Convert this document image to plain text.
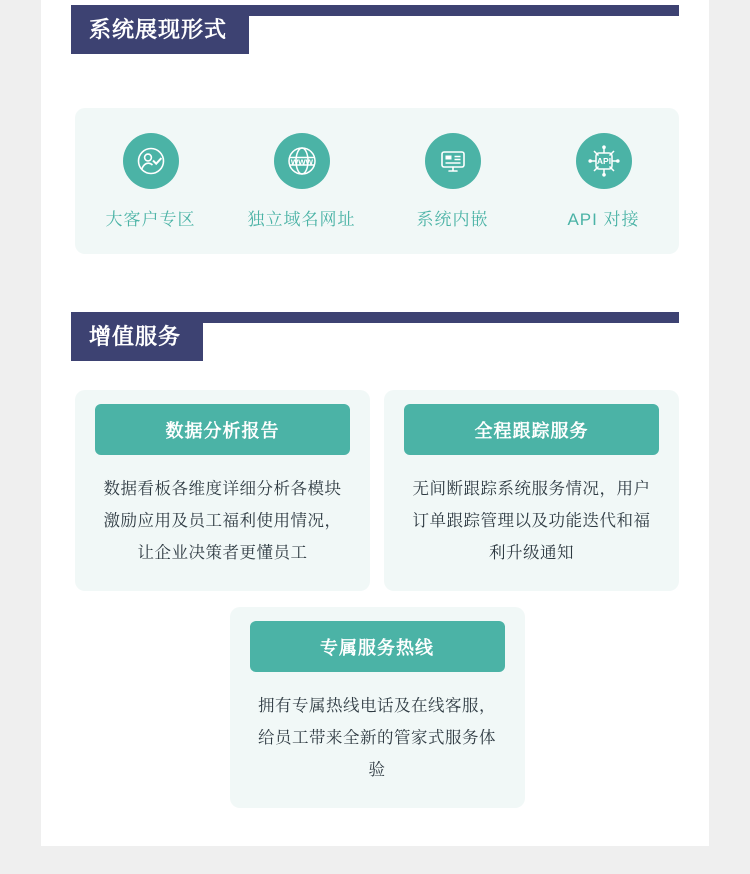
系统展现形式
大客户专区
www
独立域名网址	系统内嵌
API
API 对接
增值服务
数据分析报告
数据看板各维度详细分析各模块激励应用及员工福利使用情况，让企业决策者更懂员工
全程跟踪服务
无间断跟踪系统服务情况，用户订单跟踪管理以及功能迭代和福利升级通知
专属服务热线
拥有专属热线电话及在线客服，给员工带来全新的管家式服务体验
